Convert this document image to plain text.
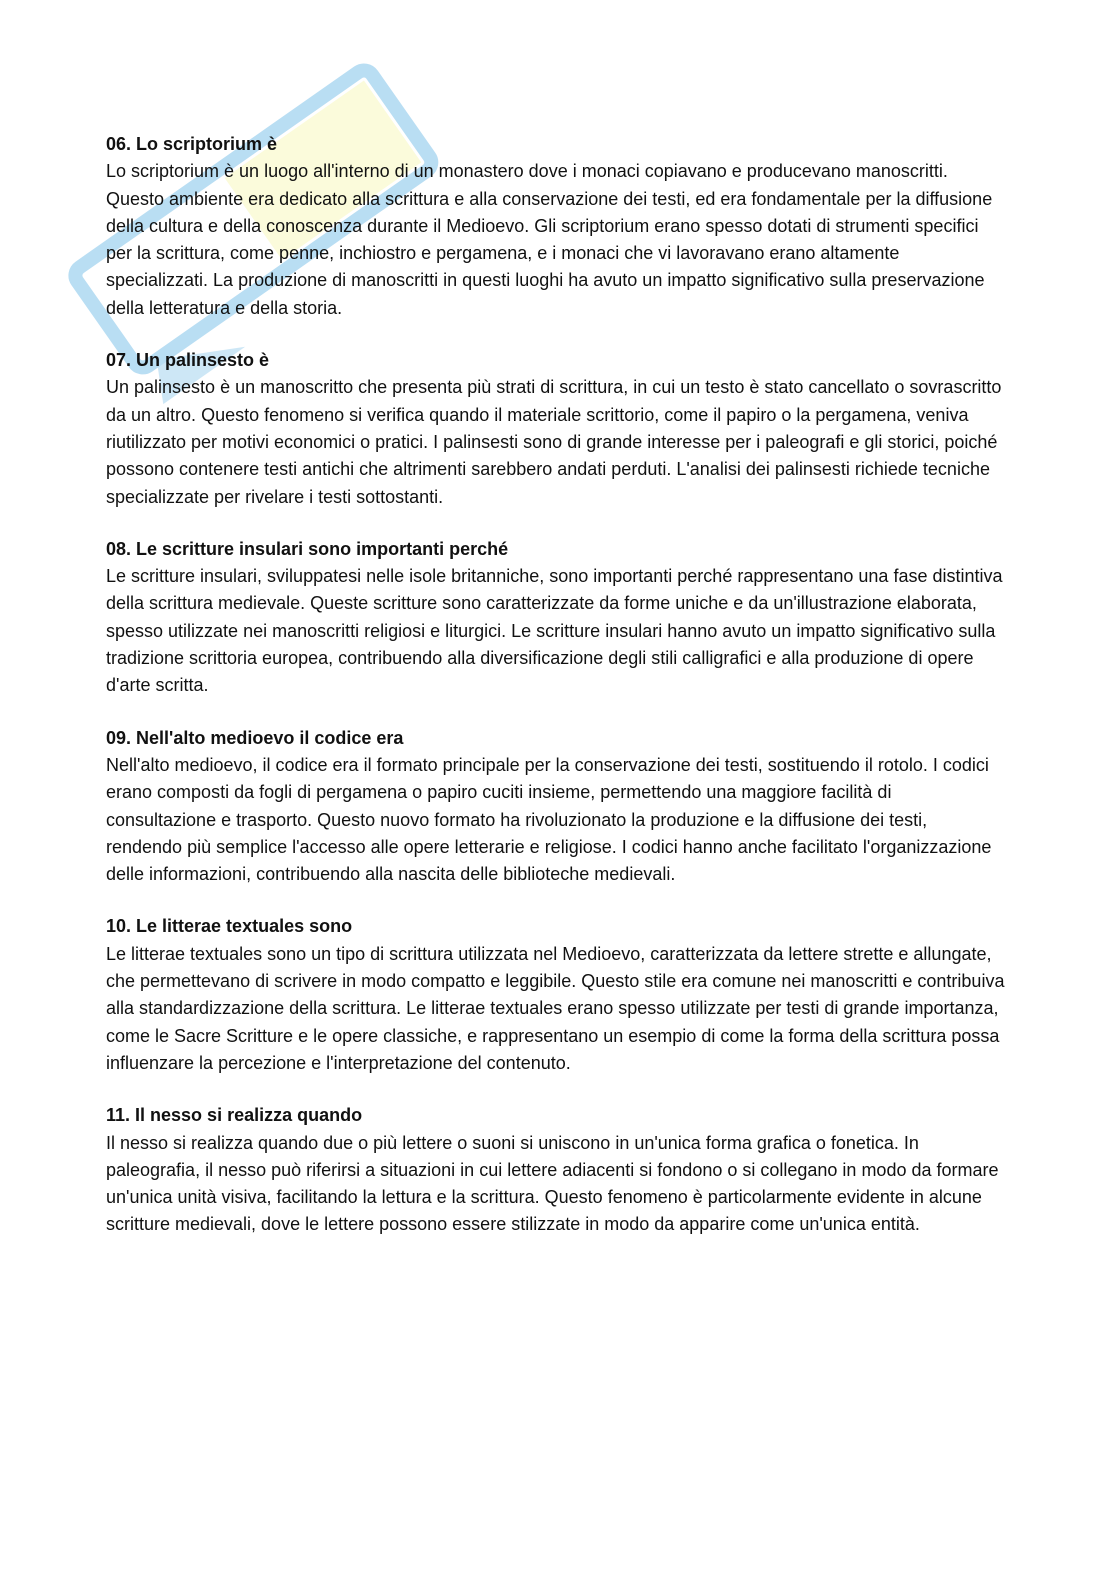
06. Lo scriptorium è

Lo scriptorium è un luogo all'interno di un monastero dove i monaci copiavano e producevano manoscritti. Questo ambiente era dedicato alla scrittura e alla conservazione dei testi, ed era fondamentale per la diffusione della cultura e della conoscenza durante il Medioevo. Gli scriptorium erano spesso dotati di strumenti specifici per la scrittura, come penne, inchiostro e pergamena, e i monaci che vi lavoravano erano altamente specializzati. La produzione di manoscritti in questi luoghi ha avuto un impatto significativo sulla preservazione della letteratura e della storia.

07. Un palinsesto è

Un palinsesto è un manoscritto che presenta più strati di scrittura, in cui un testo è stato cancellato o sovrascritto da un altro. Questo fenomeno si verifica quando il materiale scrittorio, come il papiro o la pergamena, veniva riutilizzato per motivi economici o pratici. I palinsesti sono di grande interesse per i paleografi e gli storici, poiché possono contenere testi antichi che altrimenti sarebbero andati perduti. L'analisi dei palinsesti richiede tecniche specializzate per rivelare i testi sottostanti.

08. Le scritture insulari sono importanti perché

Le scritture insulari, sviluppatesi nelle isole britanniche, sono importanti perché rappresentano una fase distintiva della scrittura medievale. Queste scritture sono caratterizzate da forme uniche e da un'illustrazione elaborata, spesso utilizzate nei manoscritti religiosi e liturgici. Le scritture insulari hanno avuto un impatto significativo sulla tradizione scrittoria europea, contribuendo alla diversificazione degli stili calligrafici e alla produzione di opere d'arte scritta.

09. Nell'alto medioevo il codice era

Nell'alto medioevo, il codice era il formato principale per la conservazione dei testi, sostituendo il rotolo. I codici erano composti da fogli di pergamena o papiro cuciti insieme, permettendo una maggiore facilità di consultazione e trasporto. Questo nuovo formato ha rivoluzionato la produzione e la diffusione dei testi, rendendo più semplice l'accesso alle opere letterarie e religiose. I codici hanno anche facilitato l'organizzazione delle informazioni, contribuendo alla nascita delle biblioteche medievali.

10. Le litterae textuales sono

Le litterae textuales sono un tipo di scrittura utilizzata nel Medioevo, caratterizzata da lettere strette e allungate, che permettevano di scrivere in modo compatto e leggibile. Questo stile era comune nei manoscritti e contribuiva alla standardizzazione della scrittura. Le litterae textuales erano spesso utilizzate per testi di grande importanza, come le Sacre Scritture e le opere classiche, e rappresentano un esempio di come la forma della scrittura possa influenzare la percezione e l'interpretazione del contenuto.

11. Il nesso si realizza quando

Il nesso si realizza quando due o più lettere o suoni si uniscono in un'unica forma grafica o fonetica. In paleografia, il nesso può riferirsi a situazioni in cui lettere adiacenti si fondono o si collegano in modo da formare un'unica unità visiva, facilitando la lettura e la scrittura. Questo fenomeno è particolarmente evidente in alcune scritture medievali, dove le lettere possono essere stilizzate in modo da apparire come un'unica entità.
